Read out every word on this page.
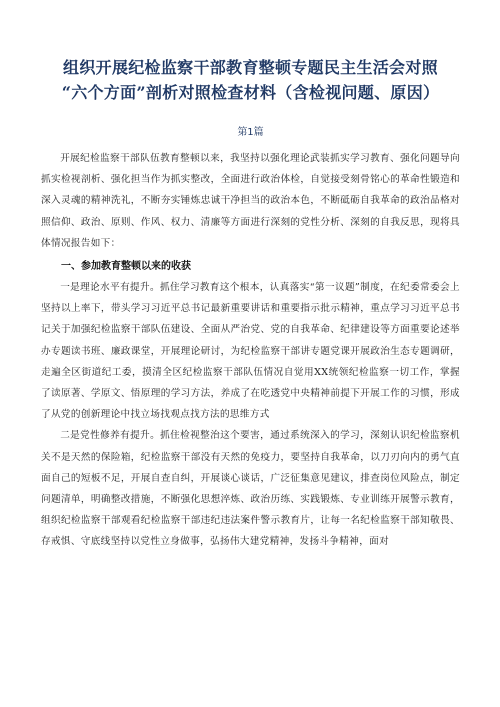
组织开展纪检监察干部教育整顿专题民主生活会对照
“六个方面”剖析对照检查材料（含检视问题、原因）
第1篇

开展纪检监察干部队伍教育整顿以来，我坚持以强化理论武装抓实学习教育、强化问题导向抓实检视剖析、强化担当作为抓实整改，全面进行政治体检，自觉接受刻骨铭心的革命性锻造和深入灵魂的精神洗礼，不断夯实锤炼忠诚干净担当的政治本色，不断砥砺自我革命的政治品格对照信仰、政治、原则、作风、权力、清廉等方面进行深刻的党性分析、深刻的自我反思，现将具体情况报告如下：

一、参加教育整顿以来的收获

一是理论水平有提升。抓住学习教育这个根本，认真落实“第一议题”制度，在纪委常委会上坚持以上率下，带头学习习近平总书记最新重要讲话和重要指示批示精神，重点学习习近平总书记关于加强纪检监察干部队伍建设、全面从严治党、党的自我革命、纪律建设等方面重要论述举办专题读书班、廉政课堂，开展理论研讨，为纪检监察干部讲专题党课开展政治生态专题调研，走遍全区街道纪工委，摸清全区纪检监察干部队伍情况自觉用XX统领纪检监察一切工作，掌握了读原著、学原文、悟原理的学习方法，养成了在吃透党中央精神前提下开展工作的习惯，形成了从党的创新理论中找立场找观点找方法的思维方式

二是党性修养有提升。抓住检视整治这个要害，通过系统深入的学习，深刻认识纪检监察机关不是天然的保险箱，纪检监察干部没有天然的免疫力，要坚持自我革命，以刀刃向内的勇气直面自己的短板不足，开展自查自纠，开展谈心谈话，广泛征集意见建议，排查岗位风险点，制定问题清单，明确整改措施，不断强化思想淬炼、政治历练、实践锻炼、专业训练开展警示教育，组织纪检监察干部观看纪检监察干部违纪违法案件警示教育片，让每一名纪检监察干部知敬畏、存戒惧、守底线坚持以党性立身做事，弘扬伟大建党精神，发扬斗争精神，面对
